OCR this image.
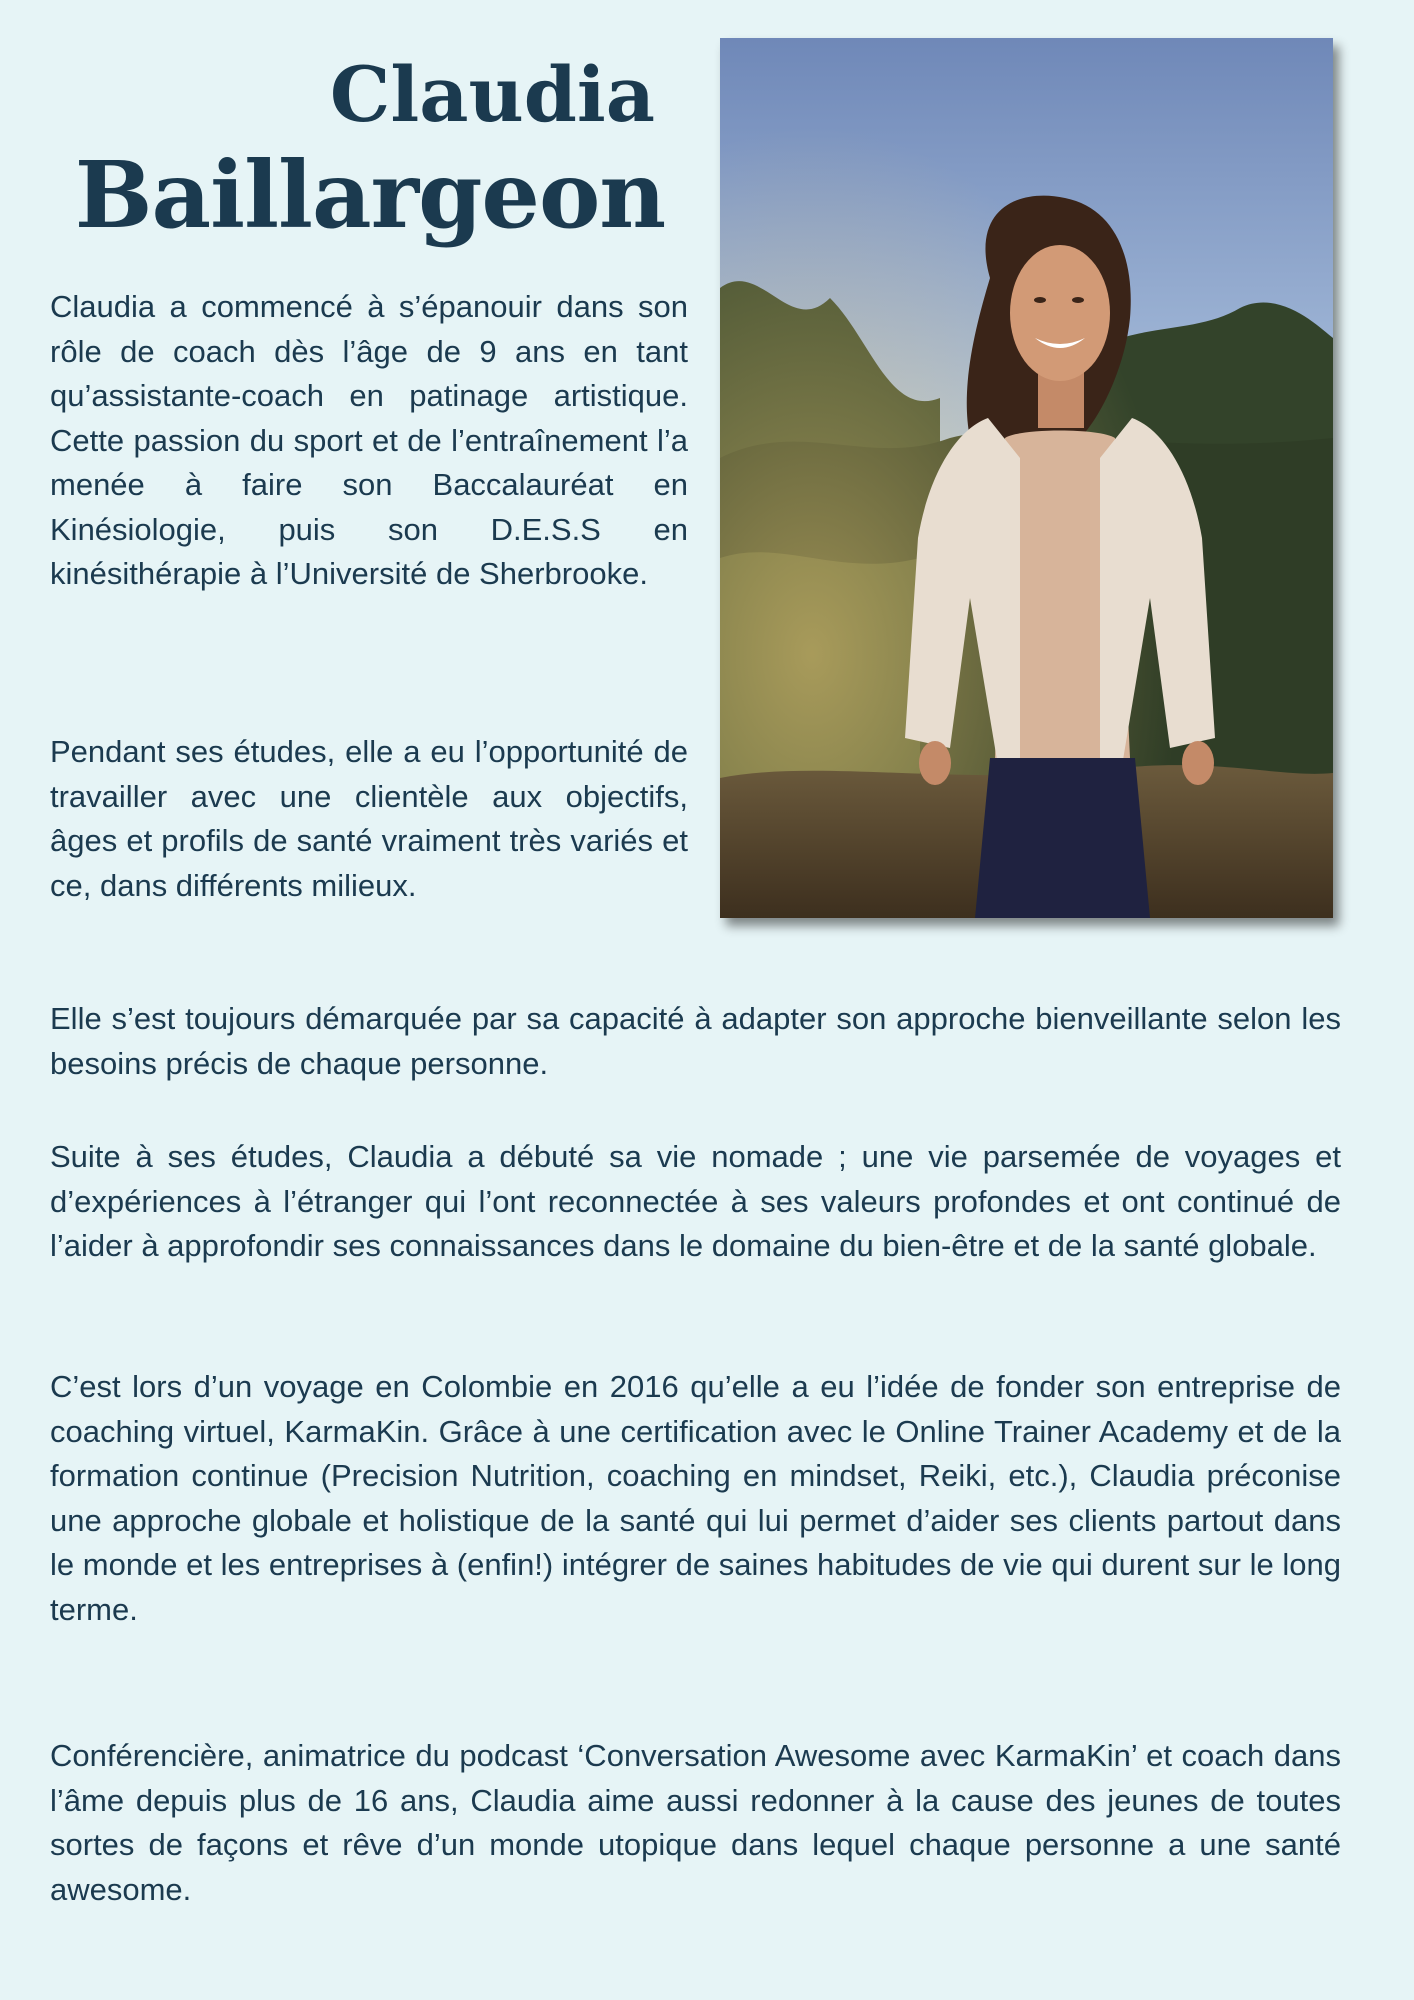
Claudia
Baillargeon

Claudia a commencé à s’épanouir dans son rôle de coach dès l’âge de 9 ans en tant qu’assistante-coach en patinage artistique. Cette passion du sport et de l’entraînement l’a menée à faire son Baccalauréat en Kinésiologie, puis son D.E.S.S en kinésithérapie à l’Université de Sherbrooke.

Pendant ses études, elle a eu l’opportunité de travailler avec une clientèle aux objectifs, âges et profils de santé vraiment très variés et ce, dans différents milieux.

Elle s’est toujours démarquée par sa capacité à adapter son approche bienveillante selon les besoins précis de chaque personne.

Suite à ses études, Claudia a débuté sa vie nomade ; une vie parsemée de voyages et d’expériences à l’étranger qui l’ont reconnectée à ses valeurs profondes et ont continué de l’aider à approfondir ses connaissances dans le domaine du bien-être et de la santé globale.

C’est lors d’un voyage en Colombie en 2016 qu’elle a eu l’idée de fonder son entreprise de coaching virtuel, KarmaKin. Grâce à une certification avec le Online Trainer Academy et de la formation continue (Precision Nutrition, coaching en mindset, Reiki, etc.), Claudia préconise une approche globale et holistique de la santé qui lui permet d’aider ses clients partout dans le monde et les entreprises à (enfin!) intégrer de saines habitudes de vie qui durent sur le long terme.

Conférencière, animatrice du podcast ‘Conversation Awesome avec KarmaKin’ et coach dans l’âme depuis plus de 16 ans, Claudia aime aussi redonner à la cause des jeunes de toutes sortes de façons et rêve d’un monde utopique dans lequel chaque personne a une santé awesome.
